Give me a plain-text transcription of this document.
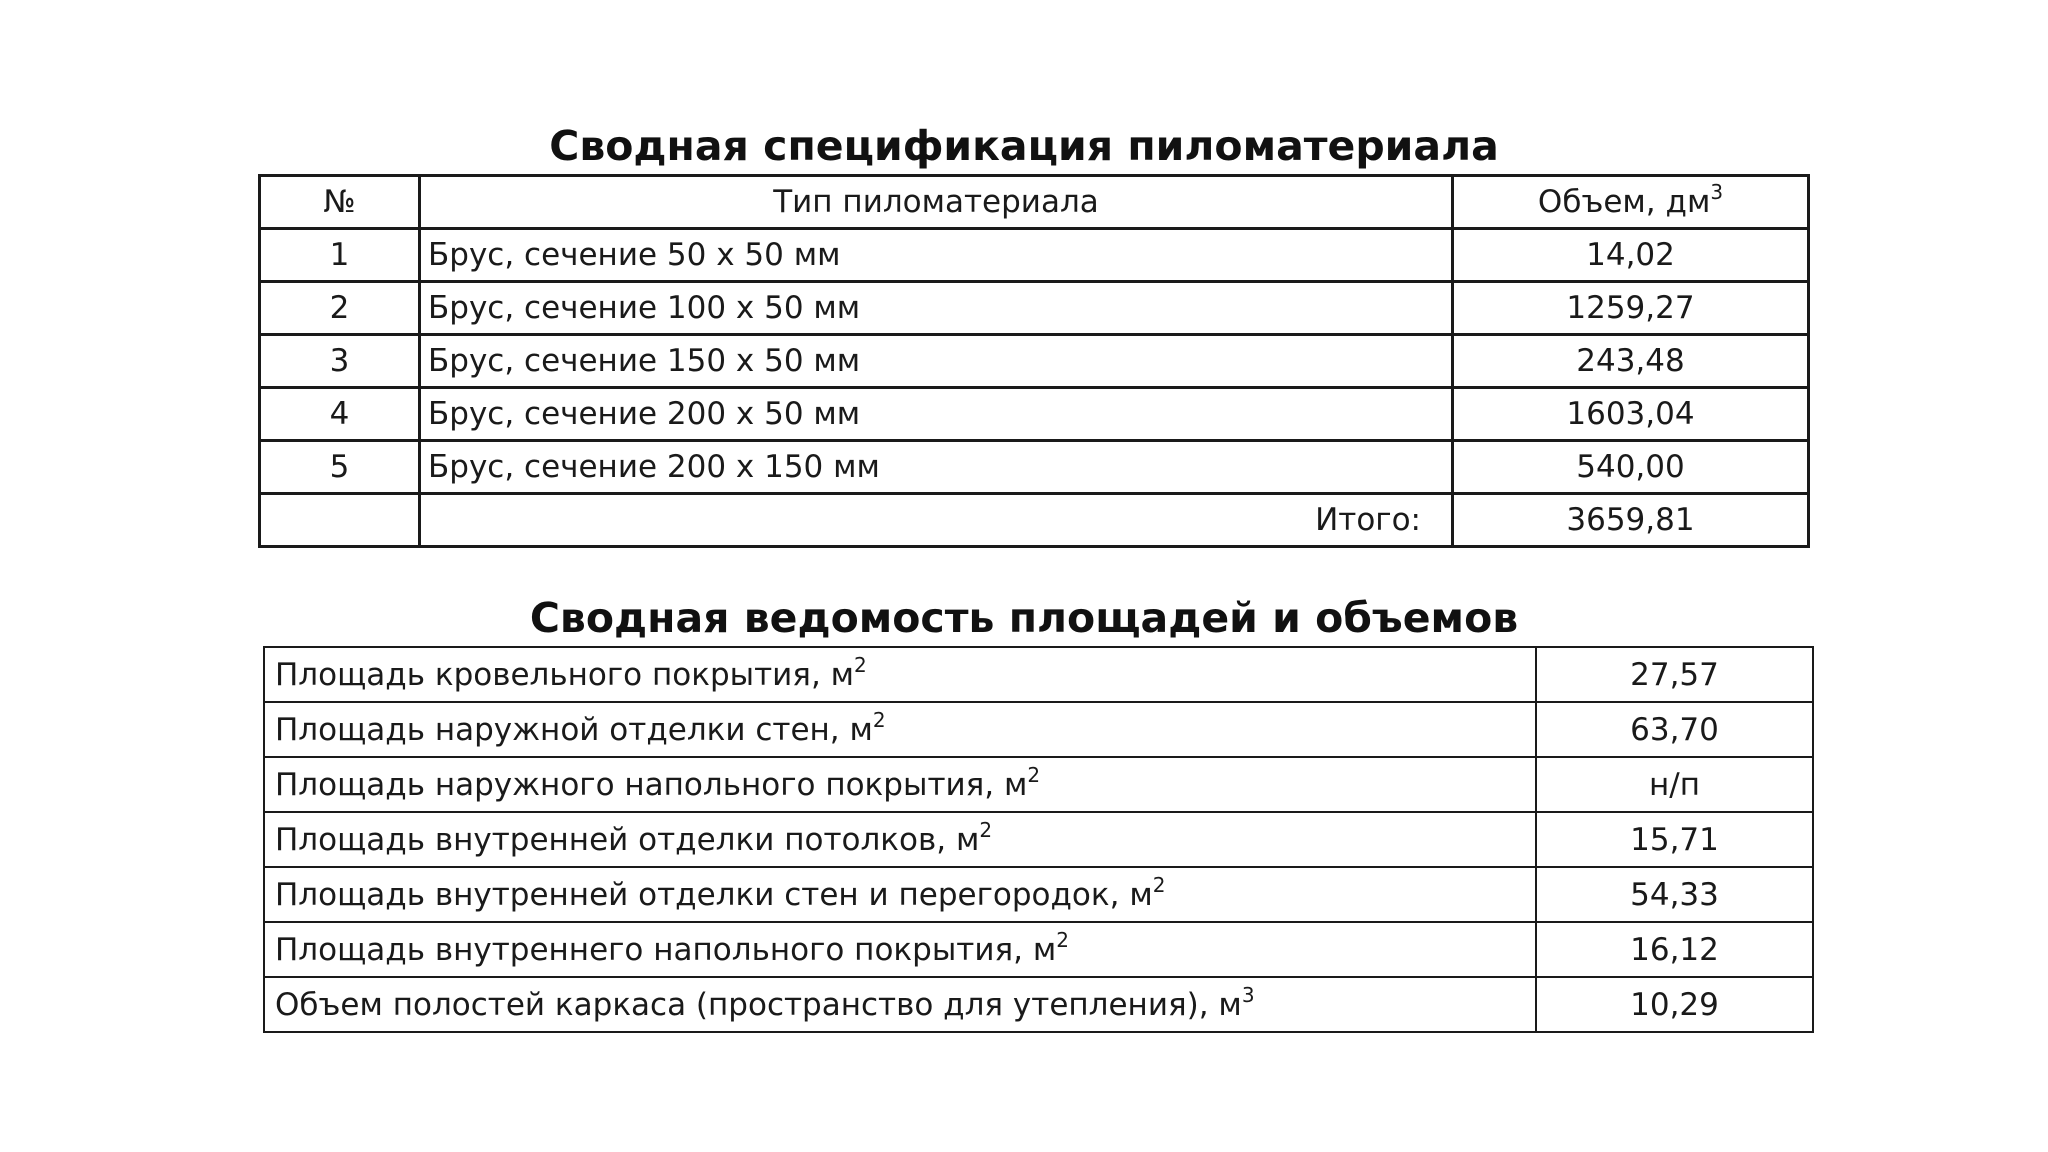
Сводная спецификация пиломатериала
№	Тип пиломатериала	Объем, $дм^3$
1	Брус, сечение 50 x 50 мм	14,02
2	Брус, сечение 100 x 50 мм	1259,27
3	Брус, сечение 150 x 50 мм	243,48
4	Брус, сечение 200 x 50 мм	1603,04
5	Брус, сечение 200 x 150 мм	540,00
	Итого:	3659,81
Сводная ведомость площадей и объемов
Площадь кровельного покрытия, $м^2$	27,57
Площадь наружной отделки стен, $м^2$	63,70
Площадь наружного напольного покрытия, $м^2$	н/п
Площадь внутренней отделки потолков, $м^2$	15,71
Площадь внутренней отделки стен и перегородок, $м^2$	54,33
Площадь внутреннего напольного покрытия, $м^2$	16,12
Объем полостей каркаса (пространство для утепления), $м^3$	10,29
